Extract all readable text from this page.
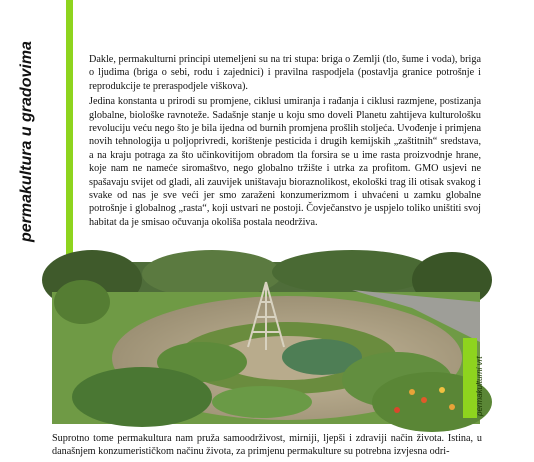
permakultura u gradovima	Dakle, permakulturni principi utemeljeni su na tri stupa: briga o Zemlji (tlo, šume i voda), briga o ljudima (briga o sebi, rodu i zajednici) i pravilna raspodjela (postavlja granice potrošnje i reprodukcije te preraspodjele viškova).

Jedina konstanta u prirodi su promjene, ciklusi umiranja i rađanja i ciklusi razmjene, postizanja globalne, biološke ravnoteže. Sadašnje stanje u koju smo doveli Planetu zahtijeva kulturološku revoluciju veću nego što je bila ijedna od burnih promjena prošlih stoljeća. Uvođenje i primjena novih tehnologija u poljoprivredi, korištenje pesticida i drugih kemijskih „zaštitnih“ sredstava, a na kraju potraga za što učinkovitijom obradom tla forsira se u ime rasta proizvodnje hrane, koje nam ne nameće siromaštvo, nego globalno tržište i utrka za profitom. GMO usjevi ne spašavaju svijet od gladi, ali zauvijek uništavaju bioraznolikost, ekološki trag ili otisak svakog i svake od nas je sve veći jer smo zaraženi konzumerizmom i uhvaćeni u zamku globalne potrošnje i globalnog „rasta“, koji ustvari ne postoji. Čovječanstvo je uspjelo toliko uništiti svoj habitat da je smisao očuvanja okoliša postala neodrživa.

permakulturni vrt
Suprotno tome permakultura nam pruža samoodrživost, mirniji, ljepši i zdraviji način života. Istina, u današnjem konzumerističkom načinu života, za primjenu permakulture su potrebna izvjesna odri-
